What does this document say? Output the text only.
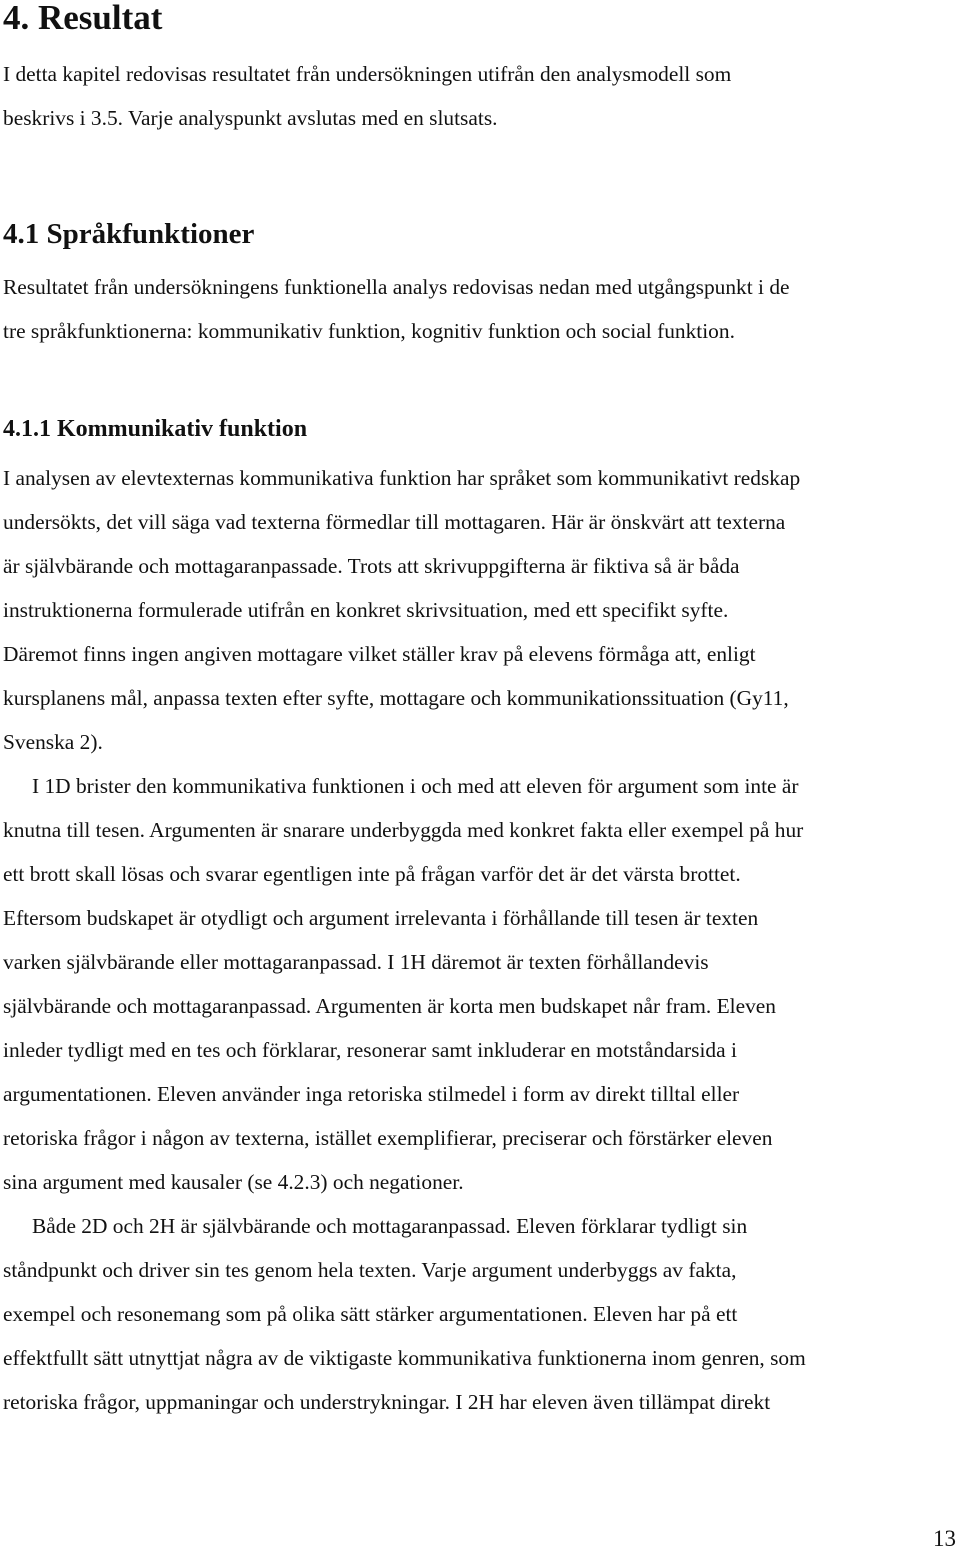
4. Resultat
I detta kapitel redovisas resultatet från undersökningen utifrån den analysmodell som
beskrivs i 3.5. Varje analyspunkt avslutas med en slutsats.
4.1 Språkfunktioner
Resultatet från undersökningens funktionella analys redovisas nedan med utgångspunkt i de
tre språkfunktionerna: kommunikativ funktion, kognitiv funktion och social funktion.
4.1.1 Kommunikativ funktion
I analysen av elevtexternas kommunikativa funktion har språket som kommunikativt redskap
undersökts, det vill säga vad texterna förmedlar till mottagaren. Här är önskvärt att texterna
är självbärande och mottagaranpassade. Trots att skrivuppgifterna är fiktiva så är båda
instruktionerna formulerade utifrån en konkret skrivsituation, med ett specifikt syfte.
Däremot finns ingen angiven mottagare vilket ställer krav på elevens förmåga att, enligt
kursplanens mål, anpassa texten efter syfte, mottagare och kommunikationssituation (Gy11,
Svenska 2).
I 1D brister den kommunikativa funktionen i och med att eleven för argument som inte är
knutna till tesen. Argumenten är snarare underbyggda med konkret fakta eller exempel på hur
ett brott skall lösas och svarar egentligen inte på frågan varför det är det värsta brottet.
Eftersom budskapet är otydligt och argument irrelevanta i förhållande till tesen är texten
varken självbärande eller mottagaranpassad. I 1H däremot är texten förhållandevis
självbärande och mottagaranpassad. Argumenten är korta men budskapet når fram. Eleven
inleder tydligt med en tes och förklarar, resonerar samt inkluderar en motståndarsida i
argumentationen. Eleven använder inga retoriska stilmedel i form av direkt tilltal eller
retoriska frågor i någon av texterna, istället exemplifierar, preciserar och förstärker eleven
sina argument med kausaler (se 4.2.3) och negationer.
Både 2D och 2H är självbärande och mottagaranpassad. Eleven förklarar tydligt sin
ståndpunkt och driver sin tes genom hela texten. Varje argument underbyggs av fakta,
exempel och resonemang som på olika sätt stärker argumentationen. Eleven har på ett
effektfullt sätt utnyttjat några av de viktigaste kommunikativa funktionerna inom genren, som
retoriska frågor, uppmaningar och understrykningar. I 2H har eleven även tillämpat direkt
13
